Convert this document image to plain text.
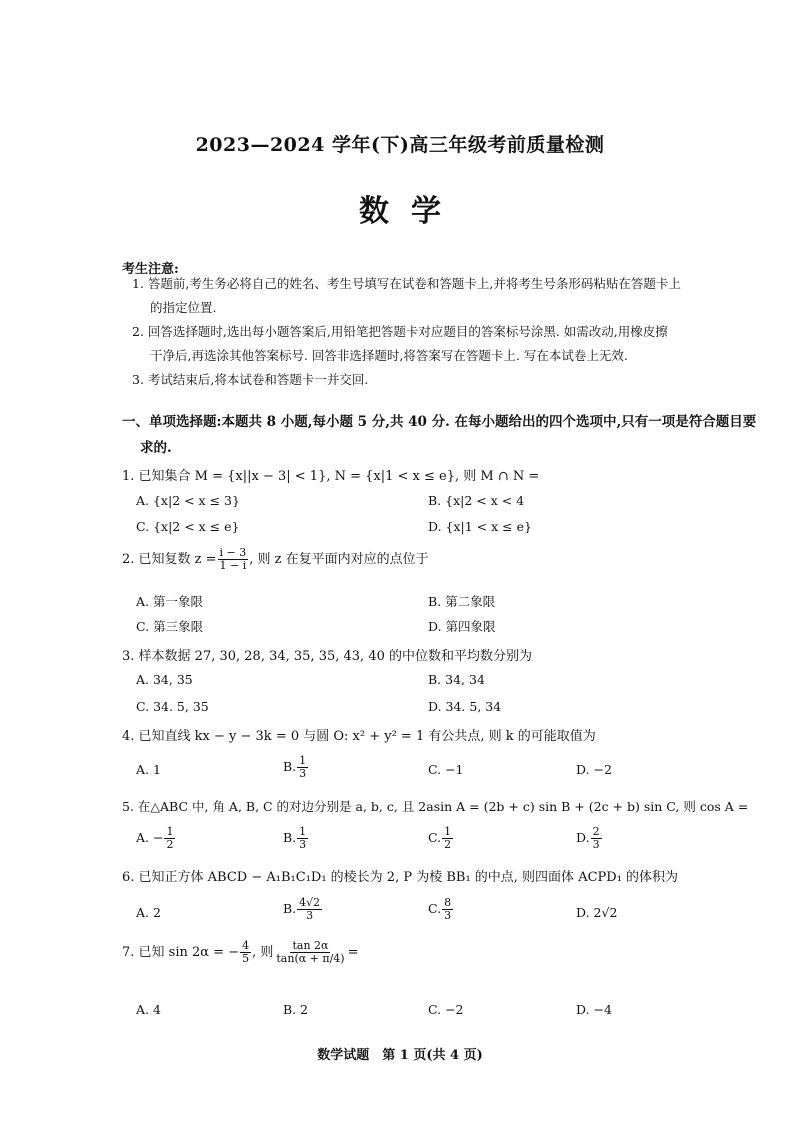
2023—2024 学年(下)高三年级考前质量检测
数学
考生注意:
1. 答题前,考生务必将自己的姓名、考生号填写在试卷和答题卡上,并将考生号条形码粘贴在答题卡上
的指定位置.
2. 回答选择题时,选出每小题答案后,用铅笔把答题卡对应题目的答案标号涂黑. 如需改动,用橡皮擦
干净后,再选涂其他答案标号. 回答非选择题时,将答案写在答题卡上. 写在本试卷上无效.
3. 考试结束后,将本试卷和答题卡一并交回.
一、单项选择题:本题共 8 小题,每小题 5 分,共 40 分. 在每小题给出的四个选项中,只有一项是符合题目要
求的.
1. 已知集合 M = {x||x − 3| < 1}, N = {x|1 < x ≤ e}, 则 M ∩ N =
A. {x|2 < x ≤ 3}	B. {x|2 < x < 4
C. {x|2 < x ≤ e}	D. {x|1 < x ≤ e}
2. 已知复数 $z = \frac{i - 3}{1 - i}$ , 则 z 在复平面内对应的点位于
A. 第一象限	B. 第二象限
C. 第三象限	D. 第四象限
3. 样本数据 27, 30, 28, 34, 35, 35, 43, 40 的中位数和平均数分别为
A. 34, 35	B. 34, 34
C. 34. 5, 35	D. 34. 5, 34
4. 已知直线 kx − y − 3k = 0 与圆 O: x² + y² = 1 有公共点, 则 k 的可能取值为
A. 1	B. $\frac{1}{3}$	C. −1	D. −2
5. 在△ABC 中, 角 A, B, C 的对边分别是 a, b, c, 且 2asin A = (2b + c) sin B + (2c + b) sin C, 则 cos A =
A. − $\frac{1}{2}$	B. $\frac{1}{3}$	C. $\frac{1}{2}$	D. $\frac{2}{3}$
6. 已知正方体 ABCD − A₁B₁C₁D₁ 的棱长为 2, P 为棱 BB₁ 的中点, 则四面体 ACPD₁ 的体积为
A. 2	B. $\frac{4√2}{3}$	C. $\frac{8}{3}$	D. 2√2
7. 已知 sin 2α = − $\frac{4}{5}$ , 则 $\frac{\tan 2\alpha}{\tan(\alpha + \pi/4)}$ =
A. 4	B. 2	C. −2	D. −4
数学试题　第 1 页(共 4 页)
